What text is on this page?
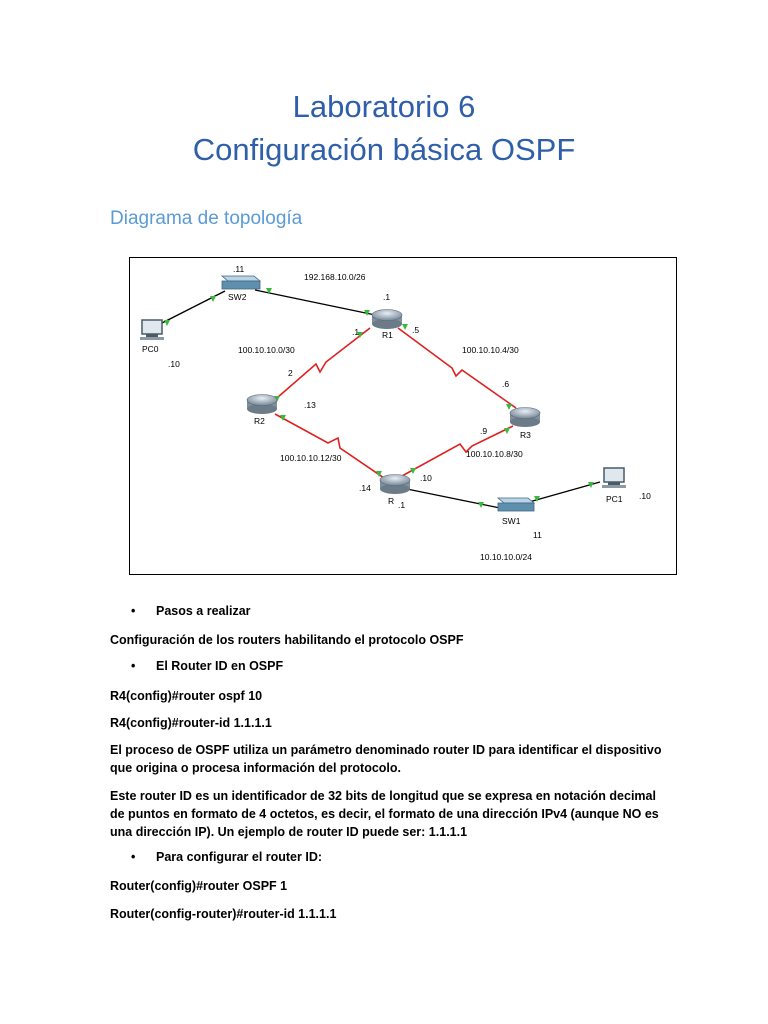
Laboratorio 6
Configuración básica OSPF
Diagrama de topología
PC0
SW2
R1
R2
R3
R
SW1
PC1
192.168.10.0/26
.11
.1
.1	.5
.10
100.10.10.0/30	100.10.10.4/30
2
.13
.6
.9
100.10.10.12/30	100.10.10.8/30
.14
.10
.1
11
.10
10.10.10.0/24
• Pasos a realizar
Configuración de los routers habilitando el protocolo OSPF
• El Router ID en OSPF
R4(config)#router ospf 10
R4(config)#router-id 1.1.1.1
El proceso de OSPF utiliza un parámetro denominado router ID para identificar el dispositivo que origina o procesa información del protocolo.
Este router ID es un identificador de 32 bits de longitud que se expresa en notación decimal de puntos en formato de 4 octetos, es decir, el formato de una dirección IPv4 (aunque NO es una dirección IP). Un ejemplo de router ID puede ser: 1.1.1.1
• Para configurar el router ID:
Router(config)#router OSPF 1
Router(config-router)#router-id 1.1.1.1
